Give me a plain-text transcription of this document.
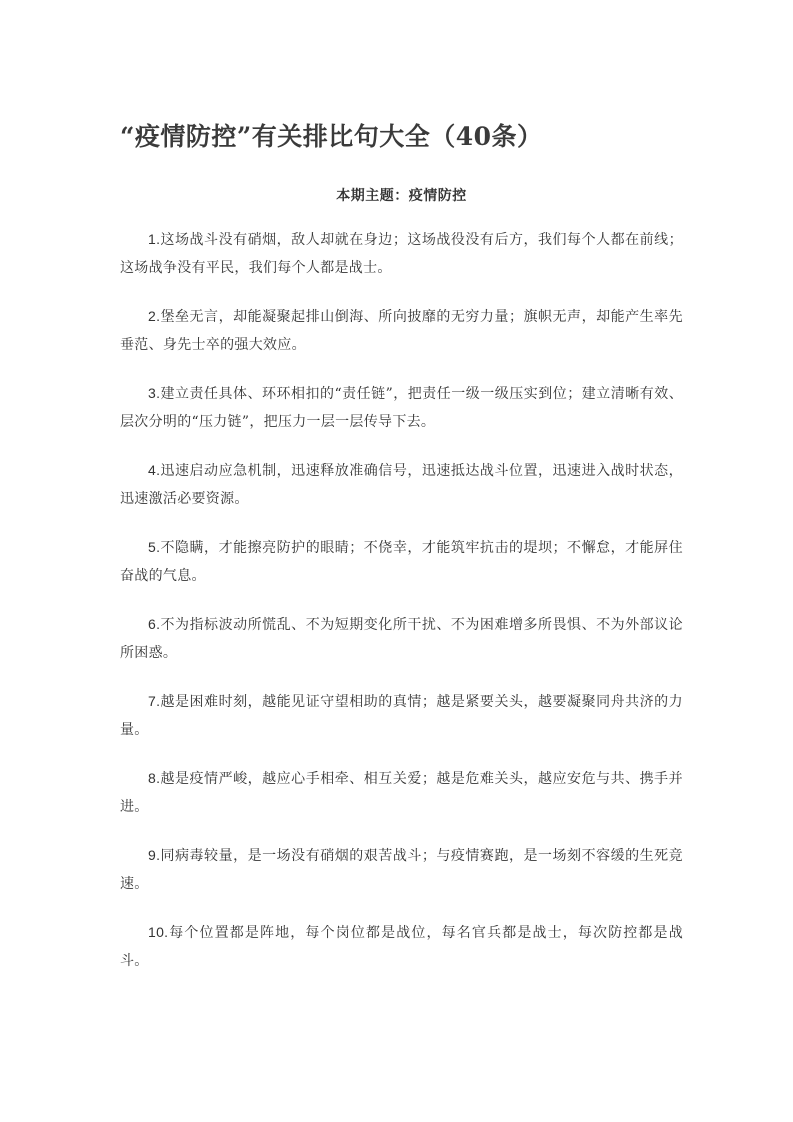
“疫情防控”有关排比句大全（40条）
本期主题：疫情防控
1.这场战斗没有硝烟，敌人却就在身边；这场战役没有后方，我们每个人都在前线；这场战争没有平民，我们每个人都是战士。
2.堡垒无言，却能凝聚起排山倒海、所向披靡的无穷力量；旗帜无声，却能产生率先垂范、身先士卒的强大效应。
3.建立责任具体、环环相扣的“责任链”，把责任一级一级压实到位；建立清晰有效、层次分明的“压力链”，把压力一层一层传导下去。
4.迅速启动应急机制，迅速释放准确信号，迅速抵达战斗位置，迅速进入战时状态，迅速激活必要资源。
5.不隐瞒，才能擦亮防护的眼睛；不侥幸，才能筑牢抗击的堤坝；不懈怠，才能屏住奋战的气息。
6.不为指标波动所慌乱、不为短期变化所干扰、不为困难增多所畏惧、不为外部议论所困惑。
7.越是困难时刻，越能见证守望相助的真情；越是紧要关头，越要凝聚同舟共济的力量。
8.越是疫情严峻，越应心手相牵、相互关爱；越是危难关头，越应安危与共、携手并进。
9.同病毒较量，是一场没有硝烟的艰苦战斗；与疫情赛跑，是一场刻不容缓的生死竞速。
10.每个位置都是阵地，每个岗位都是战位，每名官兵都是战士，每次防控都是战斗。
